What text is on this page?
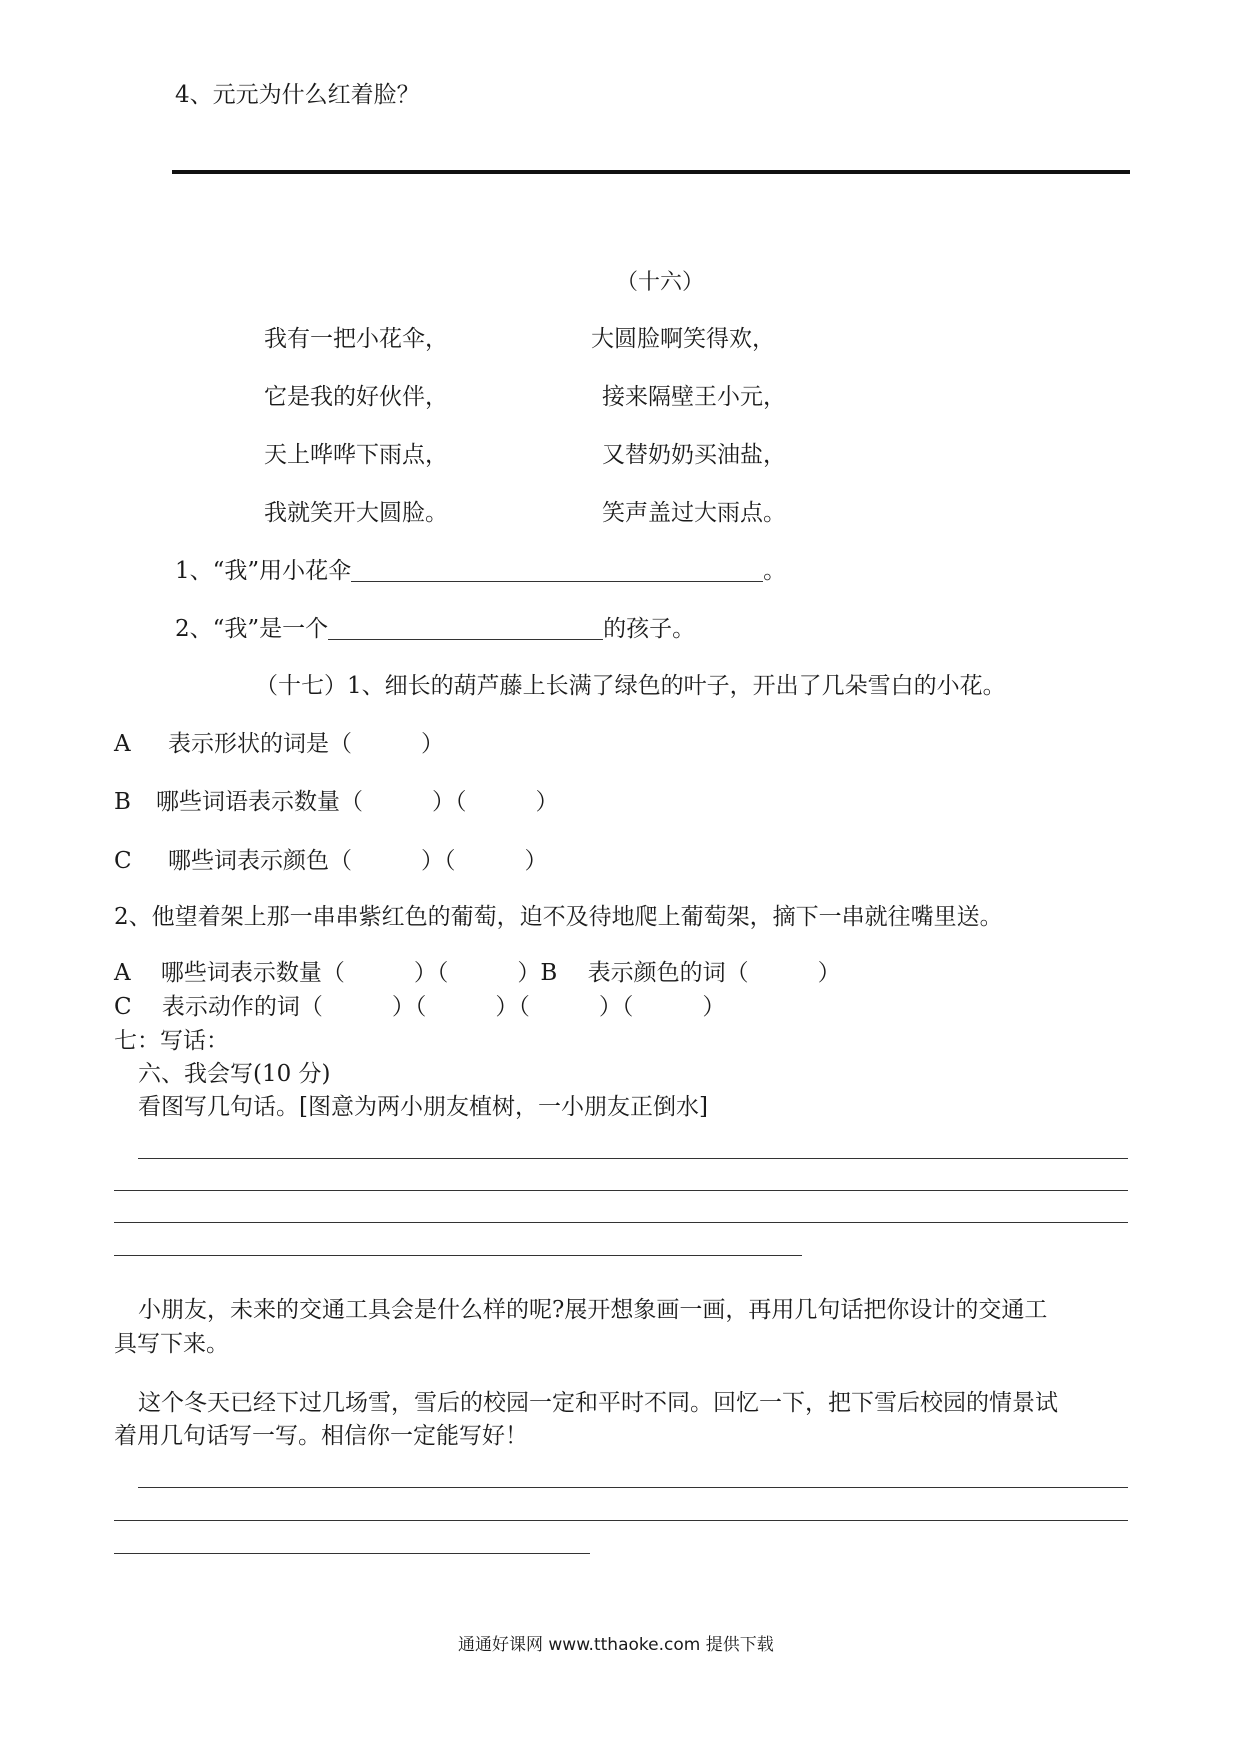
4、元元为什么红着脸？
（十六）
我有一把小花伞，
它是我的好伙伴，
天上哗哗下雨点，
我就笑开大圆脸。
大圆脸啊笑得欢，
接来隔壁王小元，
又替奶奶买油盐，
笑声盖过大雨点。
1、“我”用小花伞	。
2、“我”是一个	的孩子。
（十七）1、细长的葫芦藤上长满了绿色的叶子，开出了几朵雪白的小花。
A 表示形状的词是（　　　）
B 哪些词语表示数量（　　　）（　　　）
C 哪些词表示颜色（　　　）（　　　）
2、他望着架上那一串串紫红色的葡萄，迫不及待地爬上葡萄架，摘下一串就往嘴里送。
A　 哪些词表示数量（　　　）（　　　）B　 表示颜色的词（　　　）
C　 表示动作的词（　　　）（　　　）（　　　）（　　　）
七：写话：
六、我会写(10 分)
看图写几句话。[图意为两小朋友植树，一小朋友正倒水]
小朋友，未来的交通工具会是什么样的呢?展开想象画一画，再用几句话把你设计的交通工
具写下来。
这个冬天已经下过几场雪，雪后的校园一定和平时不同。回忆一下，把下雪后校园的情景试
着用几句话写一写。相信你一定能写好！
通通好课网 www.tthaoke.com 提供下载
